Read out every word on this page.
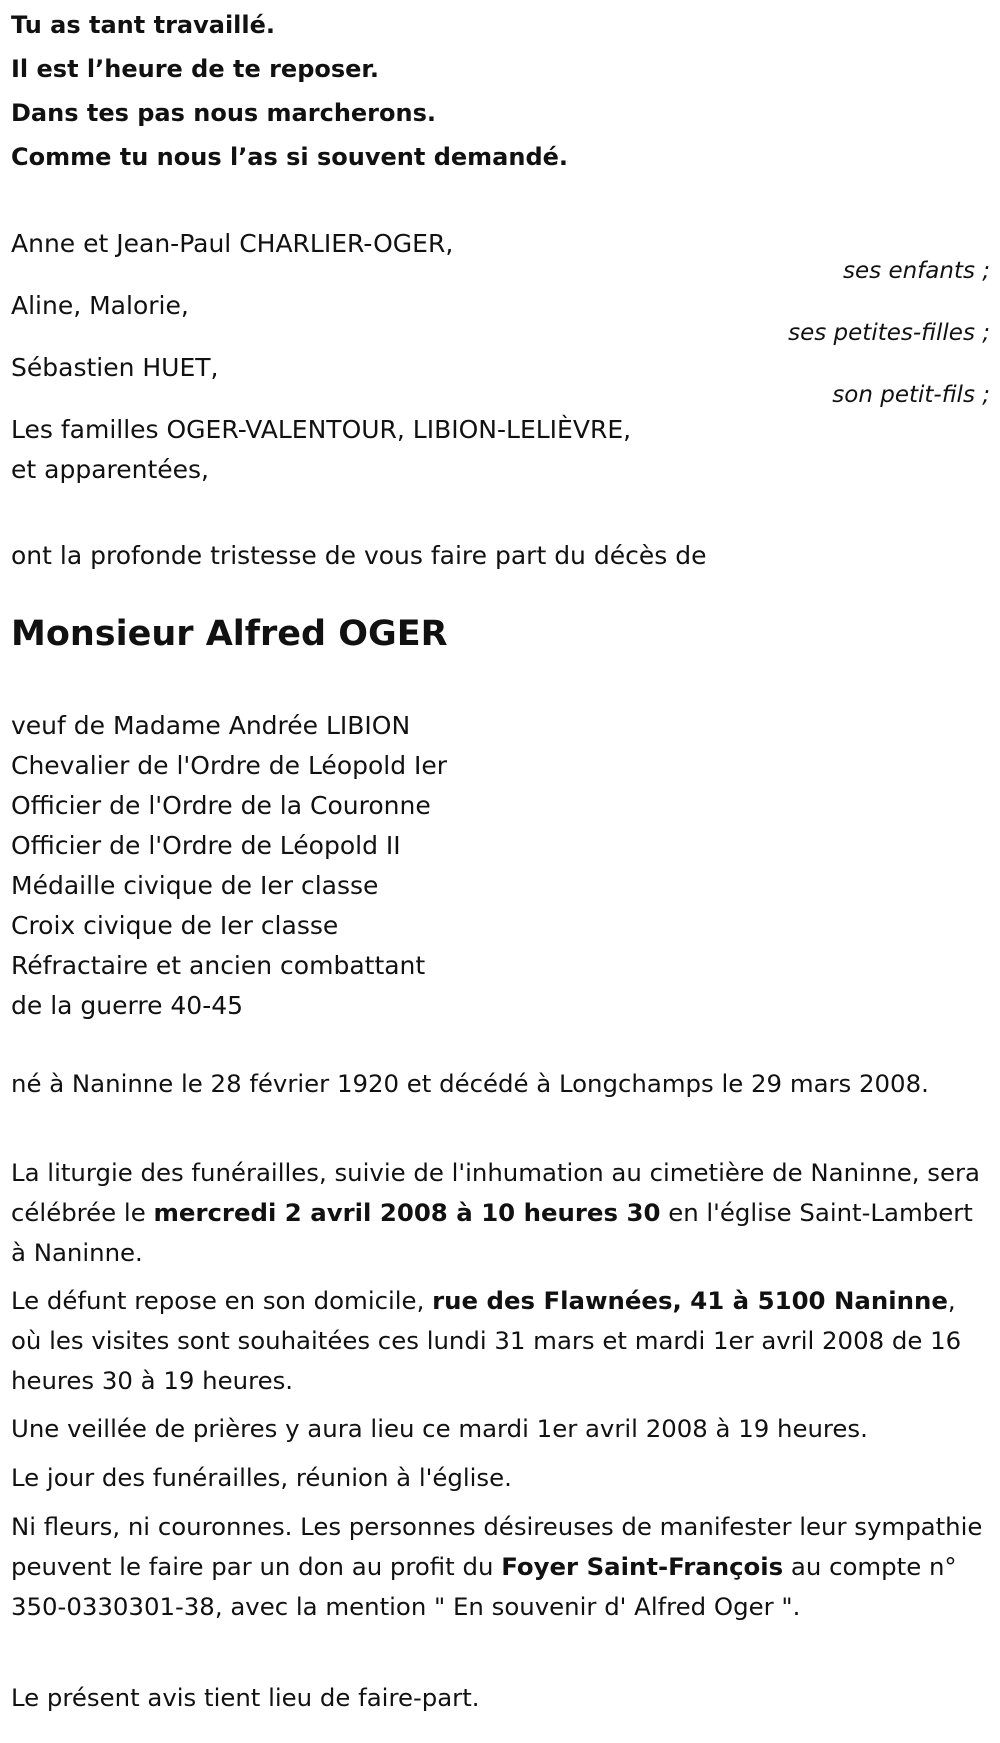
Tu as tant travaillé.
Il est l’heure de te reposer.
Dans tes pas nous marcherons.
Comme tu nous l’as si souvent demandé.
Anne et Jean-Paul CHARLIER-OGER,
ses enfants ;
Aline, Malorie,
ses petites-filles ;
Sébastien HUET,
son petit-fils ;
Les familles OGER-VALENTOUR, LIBION-LELIÈVRE,
et apparentées,
ont la profonde tristesse de vous faire part du décès de
Monsieur Alfred OGER
veuf de Madame Andrée LIBION
Chevalier de l'Ordre de Léopold Ier
Officier de l'Ordre de la Couronne
Officier de l'Ordre de Léopold II
Médaille civique de Ier classe
Croix civique de Ier classe
Réfractaire et ancien combattant
de la guerre 40-45
né à Naninne le 28 février 1920 et décédé à Longchamps le 29 mars 2008.
La liturgie des funérailles, suivie de l'inhumation au cimetière de Naninne, sera célébrée le mercredi 2 avril 2008 à 10 heures 30 en l'église Saint-Lambert à Naninne.
Le défunt repose en son domicile, rue des Flawnées, 41 à 5100 Naninne, où les visites sont souhaitées ces lundi 31 mars et mardi 1er avril 2008 de 16 heures 30 à 19 heures.
Une veillée de prières y aura lieu ce mardi 1er avril 2008 à 19 heures.
Le jour des funérailles, réunion à l'église.
Ni fleurs, ni couronnes. Les personnes désireuses de manifester leur sympathie peuvent le faire par un don au profit du Foyer Saint-François au compte n° 350-0330301-38, avec la mention " En souvenir d' Alfred Oger ".
Le présent avis tient lieu de faire-part.
